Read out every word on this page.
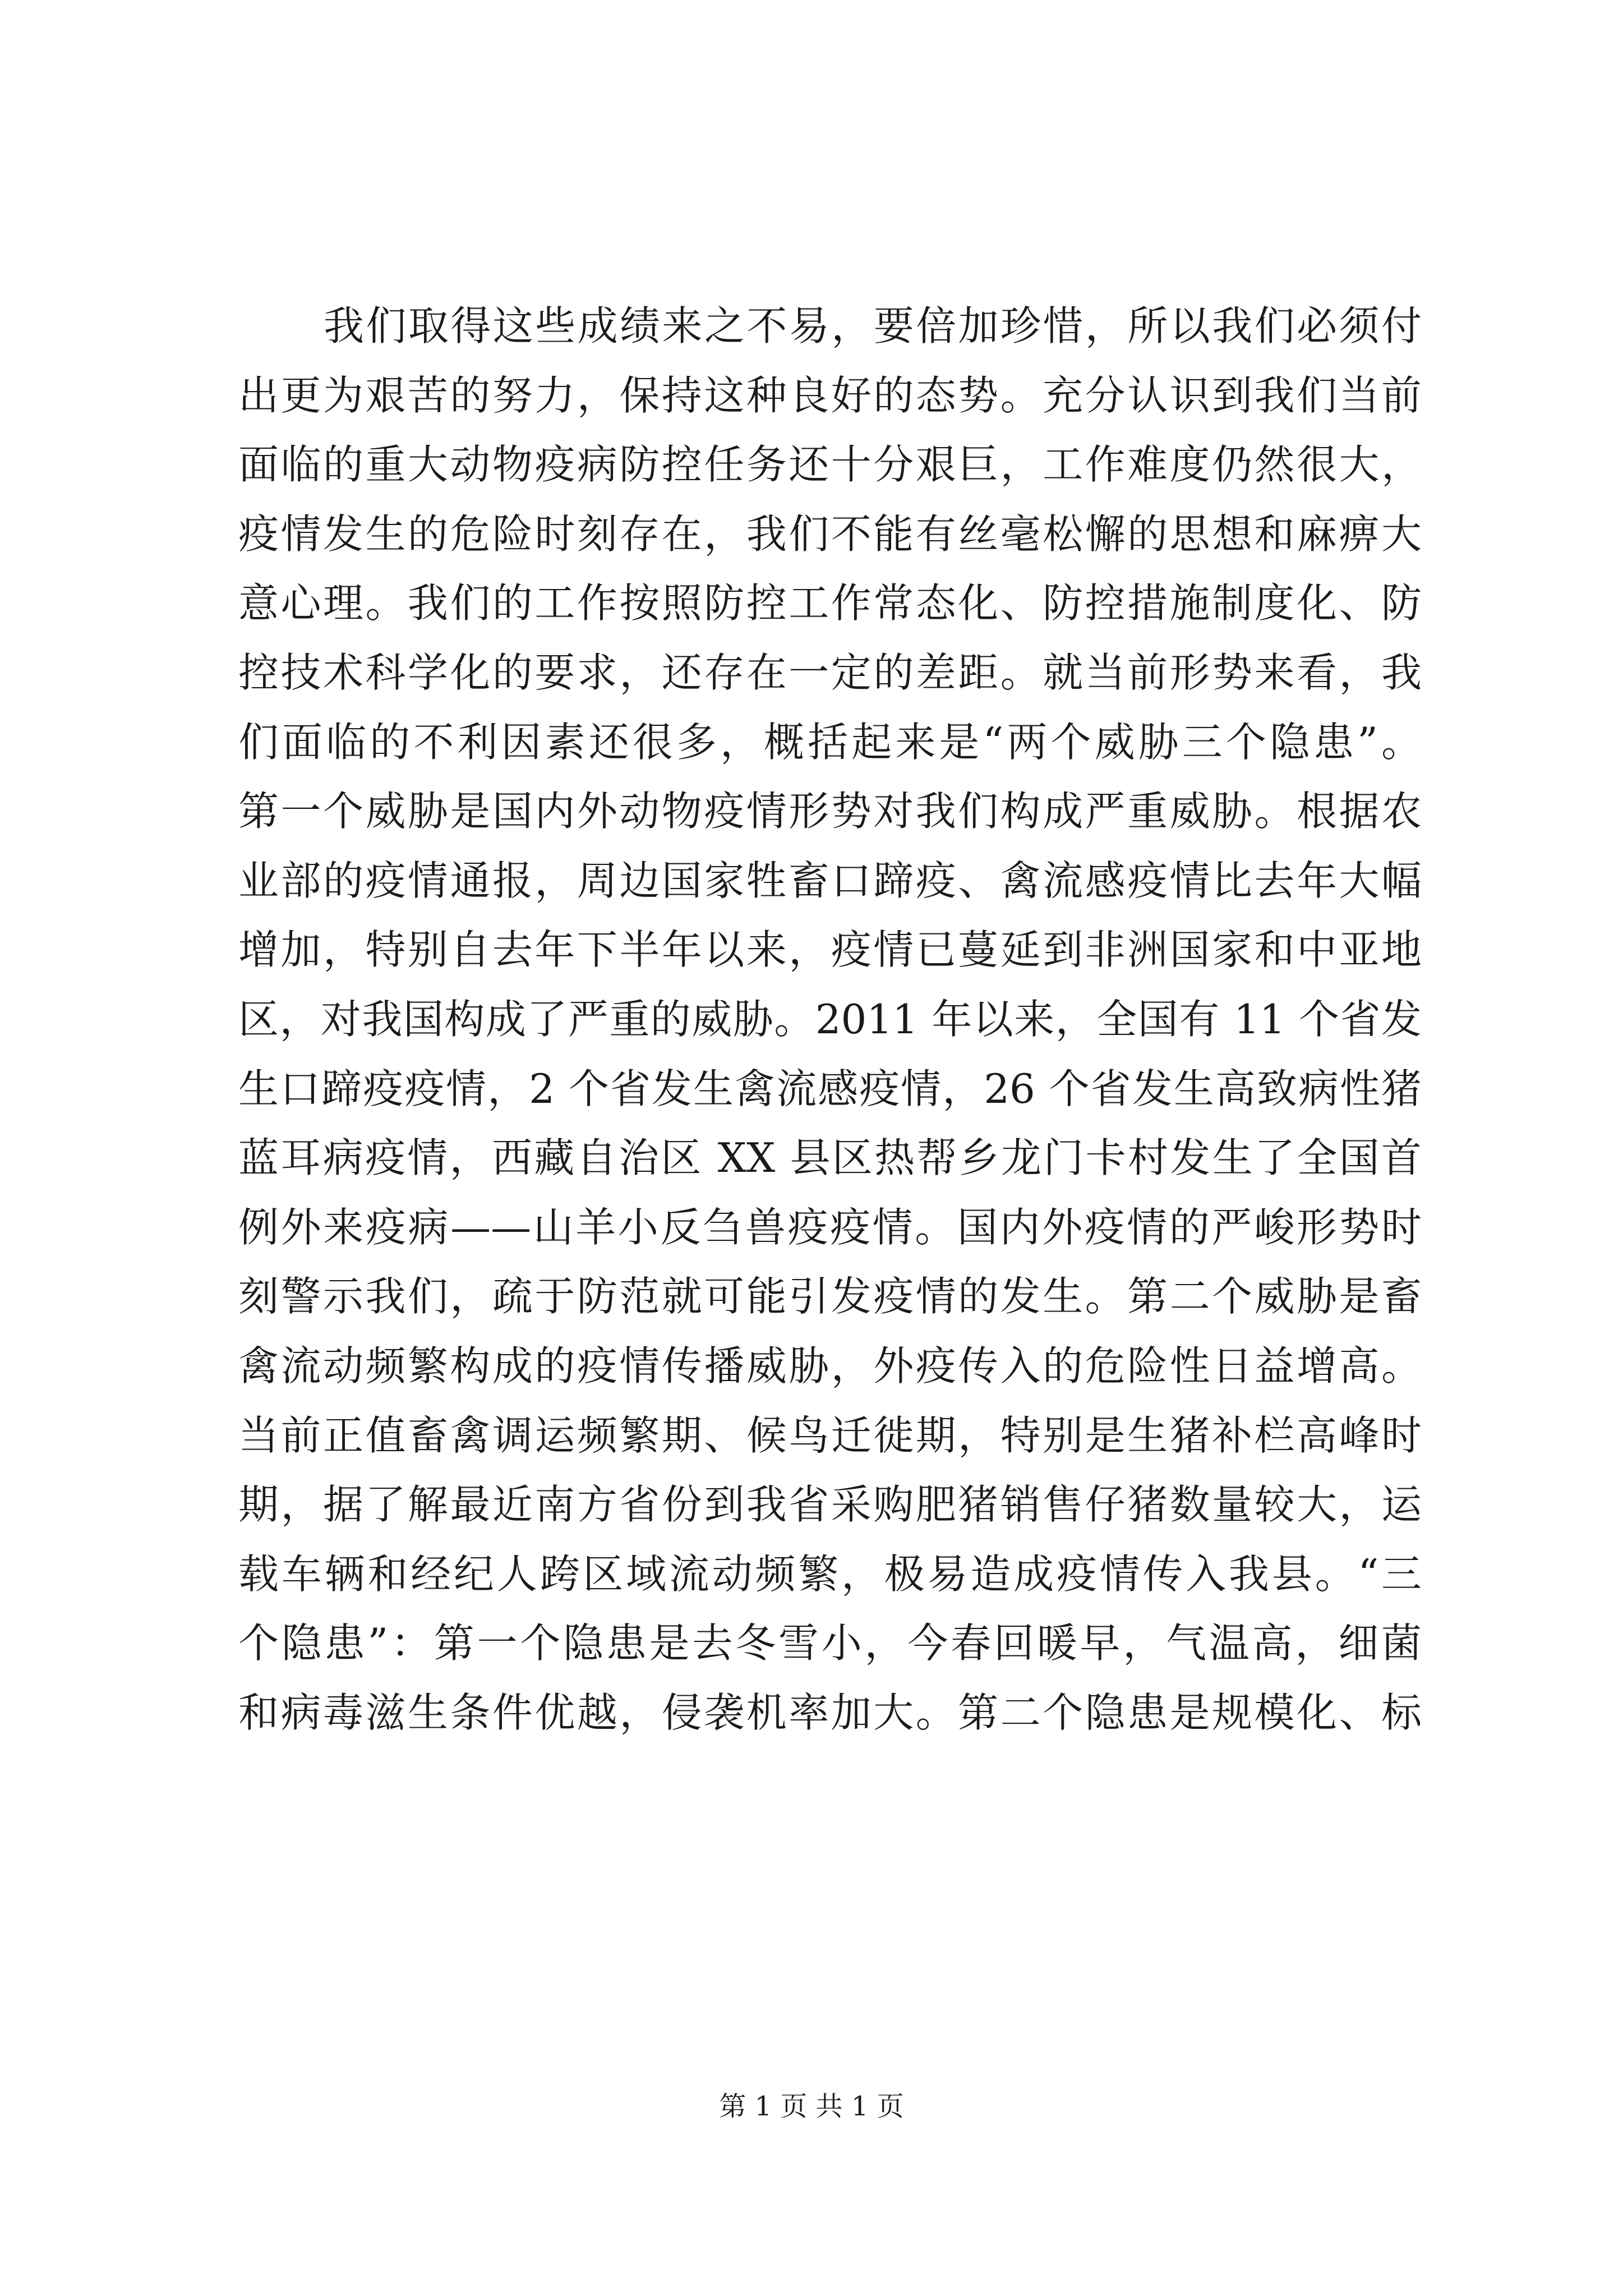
我们取得这些成绩来之不易，要倍加珍惜，所以我们必须付
出更为艰苦的努力，保持这种良好的态势。充分认识到我们当前
面临的重大动物疫病防控任务还十分艰巨，工作难度仍然很大，
疫情发生的危险时刻存在，我们不能有丝毫松懈的思想和麻痹大
意心理。我们的工作按照防控工作常态化、防控措施制度化、防
控技术科学化的要求，还存在一定的差距。就当前形势来看，我
们面临的不利因素还很多，概括起来是“两个威胁三个隐患”。
第一个威胁是国内外动物疫情形势对我们构成严重威胁。根据农
业部的疫情通报，周边国家牲畜口蹄疫、禽流感疫情比去年大幅
增加，特别自去年下半年以来，疫情已蔓延到非洲国家和中亚地
区，对我国构成了严重的威胁。2011 年以来，全国有 11 个省发
生口蹄疫疫情，2 个省发生禽流感疫情，26 个省发生高致病性猪
蓝耳病疫情，西藏自治区 XX 县区热帮乡龙门卡村发生了全国首
例外来疫病——山羊小反刍兽疫疫情。国内外疫情的严峻形势时
刻警示我们，疏于防范就可能引发疫情的发生。第二个威胁是畜
禽流动频繁构成的疫情传播威胁，外疫传入的危险性日益增高。
当前正值畜禽调运频繁期、候鸟迁徙期，特别是生猪补栏高峰时
期，据了解最近南方省份到我省采购肥猪销售仔猪数量较大，运
载车辆和经纪人跨区域流动频繁，极易造成疫情传入我县。“三
个隐患”：第一个隐患是去冬雪小，今春回暖早，气温高，细菌
和病毒滋生条件优越，侵袭机率加大。第二个隐患是规模化、标
第 1 页 共 1 页
